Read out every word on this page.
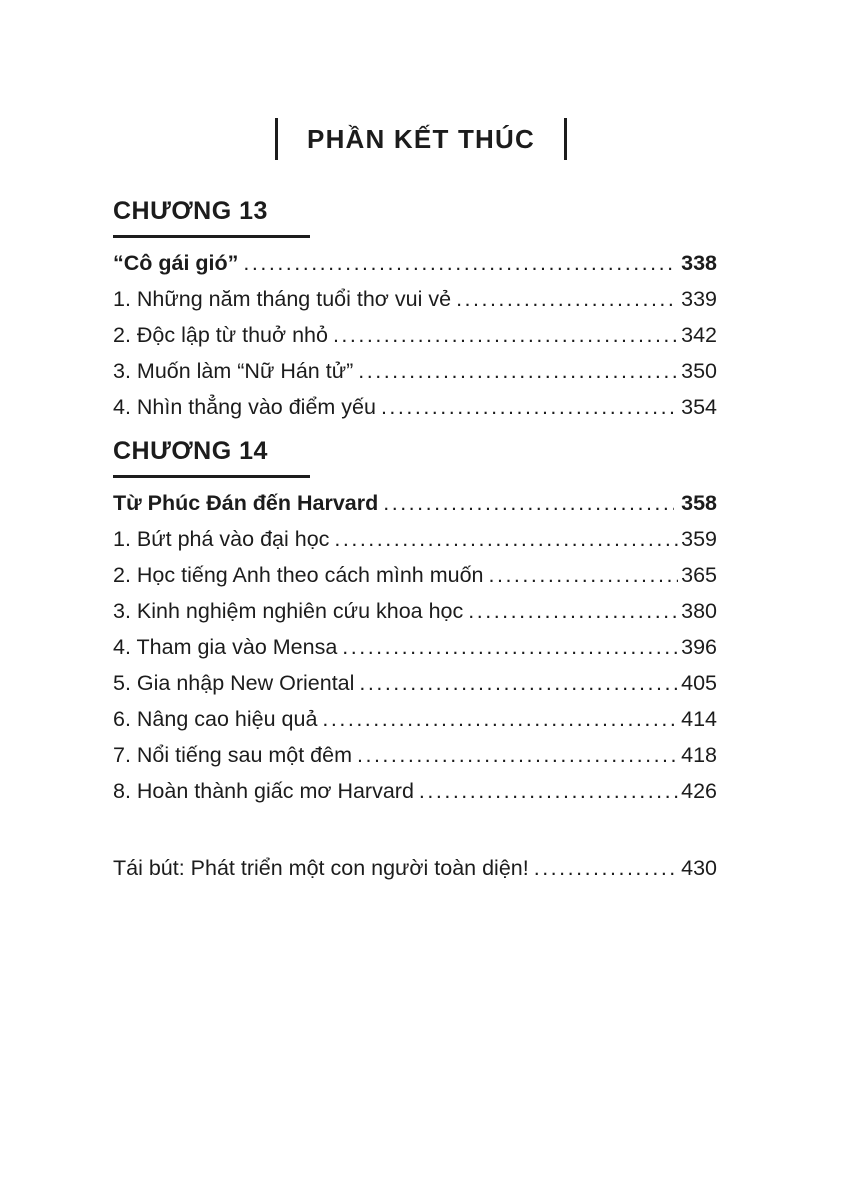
PHẦN KẾT THÚC
CHƯƠNG 13
“Cô gái gió” .....	338
1. Những năm tháng tuổi thơ vui vẻ .....	339
2. Độc lập từ thuở nhỏ .....	342
3. Muốn làm “Nữ Hán tử” .....	350
4. Nhìn thẳng vào điểm yếu .....	354
CHƯƠNG 14
Từ Phúc Đán đến Harvard .....	358
1. Bứt phá vào đại học .....	359
2. Học tiếng Anh theo cách mình muốn .....	365
3. Kinh nghiệm nghiên cứu khoa học .....	380
4. Tham gia vào Mensa .....	396
5. Gia nhập New Oriental .....	405
6. Nâng cao hiệu quả .....	414
7. Nổi tiếng sau một đêm .....	418
8. Hoàn thành giấc mơ Harvard .....	426
Tái bút: Phát triển một con người toàn diện! .....	430
